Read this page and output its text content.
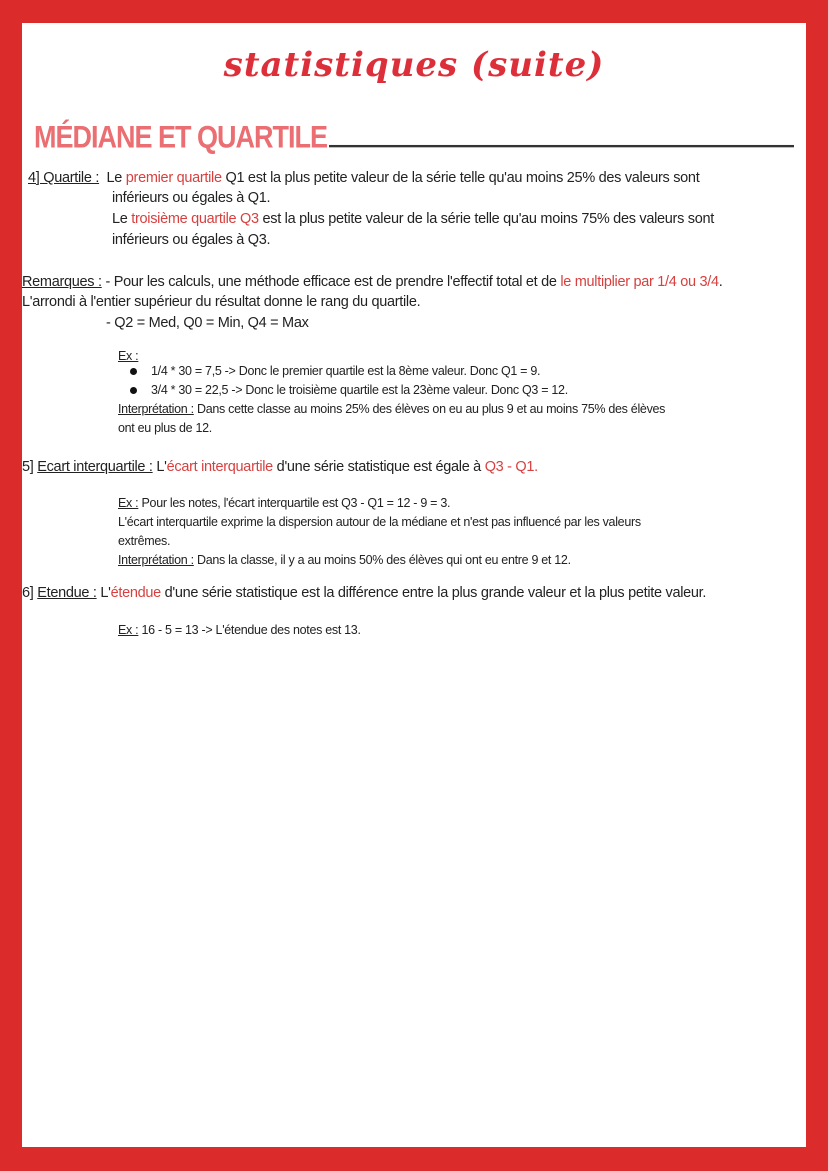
statistiques (suite)
MÉDIANE ET QUARTILE
4] Quartile : Le premier quartile Q1 est la plus petite valeur de la série telle qu'au moins 25% des valeurs sont
inférieurs ou égales à Q1.
Le troisième quartile Q3 est la plus petite valeur de la série telle qu'au moins 75% des valeurs sont
inférieurs ou égales à Q3.
Remarques : - Pour les calculs, une méthode efficace est de prendre l'effectif total et de le multiplier par 1/4 ou 3/4.
L'arrondi à l'entier supérieur du résultat donne le rang du quartile.
- Q2 = Med, Q0 = Min, Q4 = Max
Ex :
1/4 * 30 = 7,5 -> Donc le premier quartile est la 8ème valeur. Donc Q1 = 9.
3/4 * 30 = 22,5 -> Donc le troisième quartile est la 23ème valeur. Donc Q3 = 12.
Interprétation : Dans cette classe au moins 25% des élèves on eu au plus 9 et au moins 75% des élèves
ont eu plus de 12.
5] Ecart interquartile : L'écart interquartile d'une série statistique est égale à Q3 - Q1.
Ex : Pour les notes, l'écart interquartile est Q3 - Q1 = 12 - 9 = 3.
L'écart interquartile exprime la dispersion autour de la médiane et n'est pas influencé par les valeurs
extrêmes.
Interprétation : Dans la classe, il y a au moins 50% des élèves qui ont eu entre 9 et 12.
6] Etendue : L'étendue d'une série statistique est la différence entre la plus grande valeur et la plus petite valeur.
Ex : 16 - 5 = 13 -> L'étendue des notes est 13.
